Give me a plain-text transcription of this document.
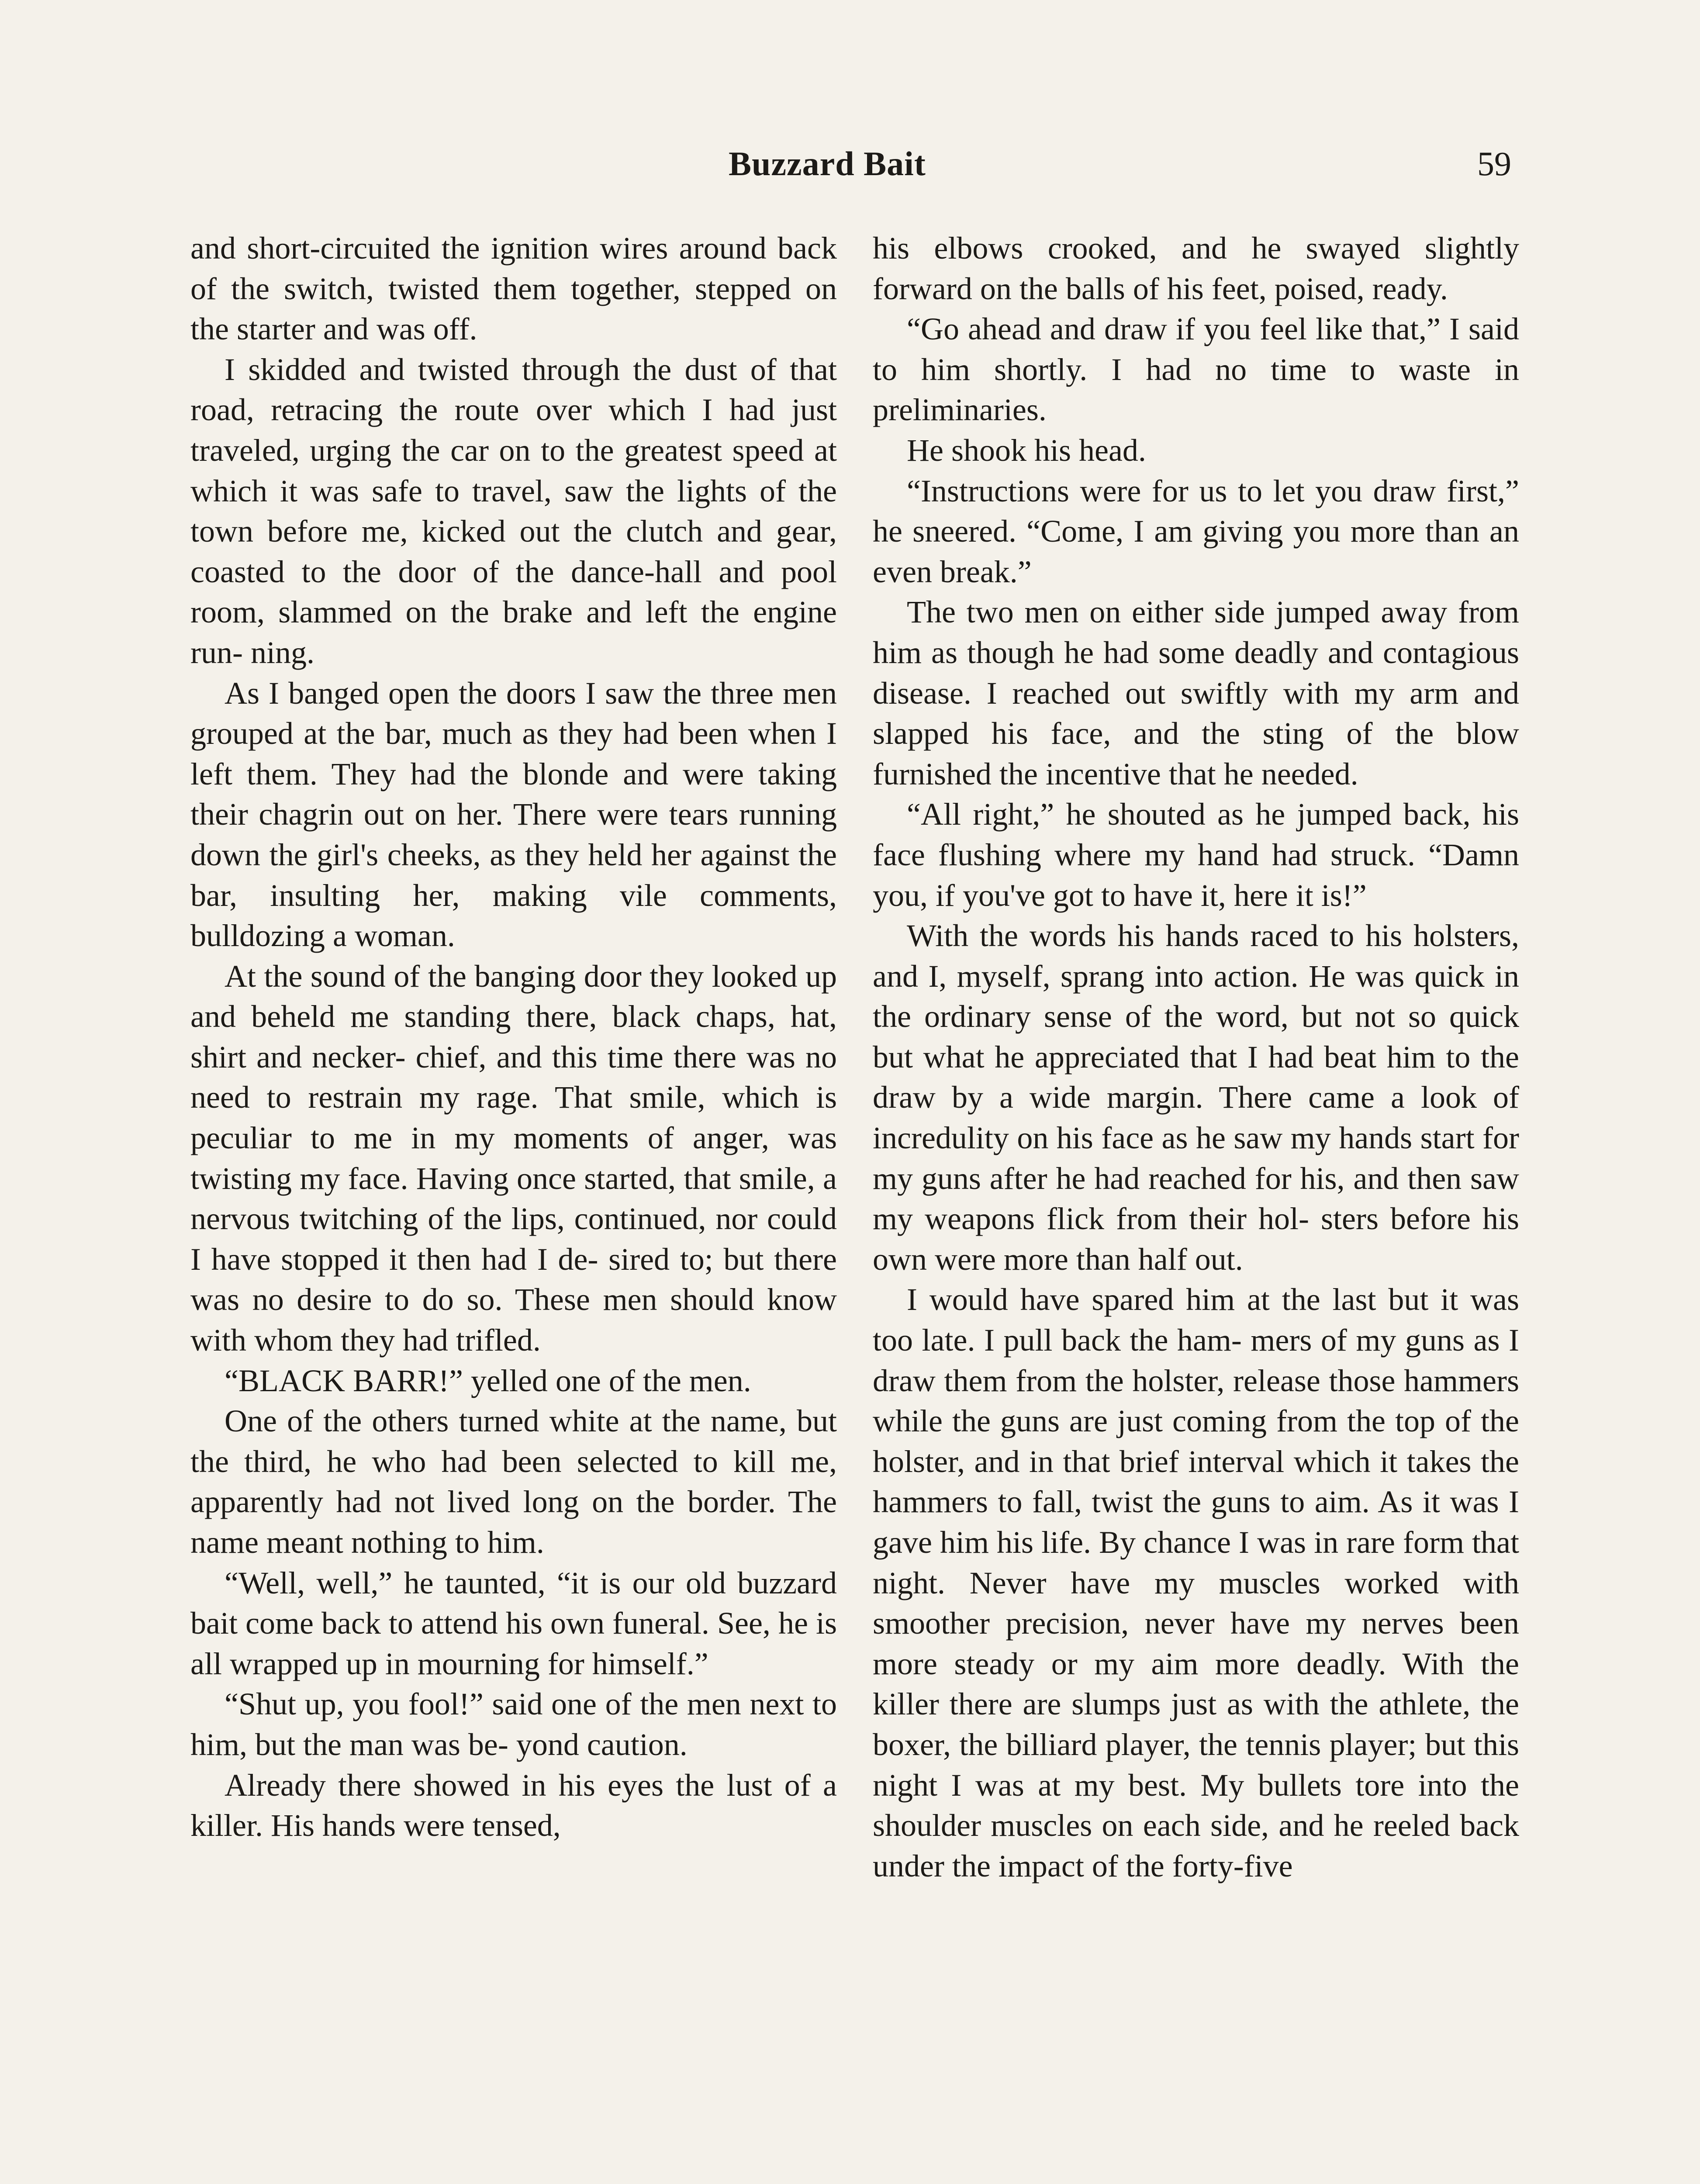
Buzzard Bait	59

and short-circuited the ignition wires around back of the switch, twisted them together, stepped on the starter and was off.

I skidded and twisted through the dust of that road, retracing the route over which I had just traveled, urging the car on to the greatest speed at which it was safe to travel, saw the lights of the town before me, kicked out the clutch and gear, coasted to the door of the dance-hall and pool room, slammed on the brake and left the engine run- ning.

As I banged open the doors I saw the three men grouped at the bar, much as they had been when I left them. They had the blonde and were taking their chagrin out on her. There were tears running down the girl's cheeks, as they held her against the bar, insulting her, making vile comments, bulldozing a woman.

At the sound of the banging door they looked up and beheld me standing there, black chaps, hat, shirt and necker- chief, and this time there was no need to restrain my rage. That smile, which is peculiar to me in my moments of anger, was twisting my face. Having once started, that smile, a nervous twitching of the lips, continued, nor could I have stopped it then had I de- sired to; but there was no desire to do so. These men should know with whom they had trifled.

“BLACK BARR!” yelled one of the men.

One of the others turned white at the name, but the third, he who had been selected to kill me, apparently had not lived long on the border. The name meant nothing to him.

“Well, well,” he taunted, “it is our old buzzard bait come back to attend his own funeral. See, he is all wrapped up in mourning for himself.”

“Shut up, you fool!” said one of the men next to him, but the man was be- yond caution.

Already there showed in his eyes the lust of a killer. His hands were tensed,

his elbows crooked, and he swayed slightly forward on the balls of his feet, poised, ready.

“Go ahead and draw if you feel like that,” I said to him shortly. I had no time to waste in preliminaries.

He shook his head.

“Instructions were for us to let you draw first,” he sneered. “Come, I am giving you more than an even break.”

The two men on either side jumped away from him as though he had some deadly and contagious disease. I reached out swiftly with my arm and slapped his face, and the sting of the blow furnished the incentive that he needed.

“All right,” he shouted as he jumped back, his face flushing where my hand had struck. “Damn you, if you've got to have it, here it is!”

With the words his hands raced to his holsters, and I, myself, sprang into action. He was quick in the ordinary sense of the word, but not so quick but what he appreciated that I had beat him to the draw by a wide margin. There came a look of incredulity on his face as he saw my hands start for my guns after he had reached for his, and then saw my weapons flick from their hol- sters before his own were more than half out.

I would have spared him at the last but it was too late. I pull back the ham- mers of my guns as I draw them from the holster, release those hammers while the guns are just coming from the top of the holster, and in that brief interval which it takes the hammers to fall, twist the guns to aim. As it was I gave him his life. By chance I was in rare form that night. Never have my muscles worked with smoother precision, never have my nerves been more steady or my aim more deadly. With the killer there are slumps just as with the athlete, the boxer, the billiard player, the tennis player; but this night I was at my best. My bullets tore into the shoulder muscles on each side, and he reeled back under the impact of the forty-five
